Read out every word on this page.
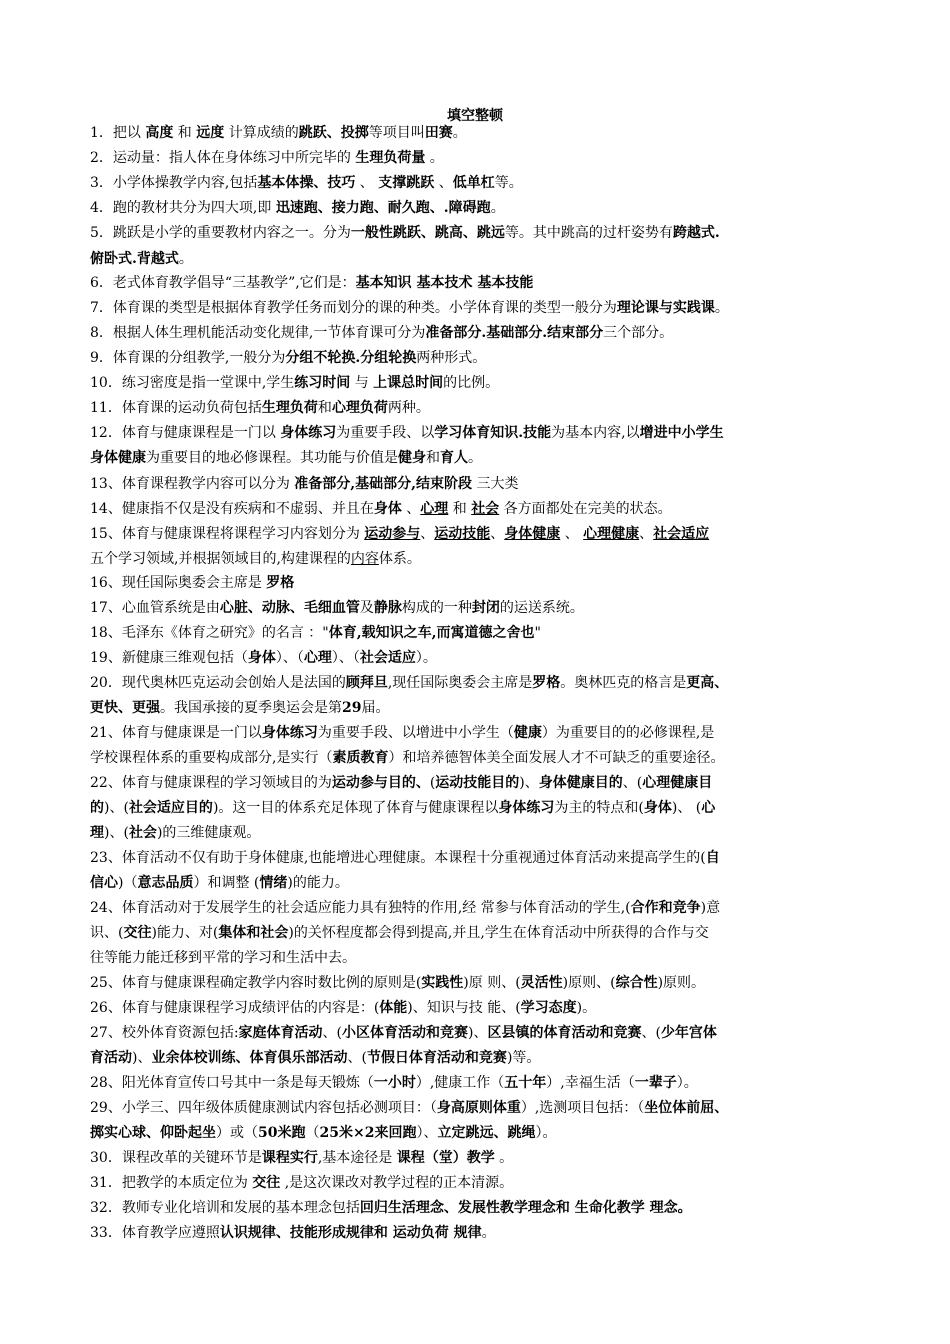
填空整顿
1．把以 高度 和 远度 计算成绩的跳跃、投掷等项目叫田赛。
2．运动量：指人体在身体练习中所完毕的 生理负荷量 。
3．小学体操教学内容,包括基本体操、技巧 、 支撑跳跃 、低单杠等。
4．跑的教材共分为四大项,即 迅速跑、接力跑、耐久跑、.障碍跑。
5．跳跃是小学的重要教材内容之一。分为一般性跳跃、跳高、跳远等。其中跳高的过杆姿势有跨越式.
俯卧式.背越式。
6．老式体育教学倡导“三基教学”,它们是：基本知识 基本技术 基本技能
7．体育课的类型是根据体育教学任务而划分的课的种类。小学体育课的类型一般分为理论课与实践课。
8．根据人体生理机能活动变化规律,一节体育课可分为准备部分.基础部分.结束部分三个部分。
9．体育课的分组教学,一般分为分组不轮换.分组轮换两种形式。
10．练习密度是指一堂课中,学生练习时间 与 上课总时间的比例。
11．体育课的运动负荷包括生理负荷和心理负荷两种。
12．体育与健康课程是一门以 身体练习为重要手段、以学习体育知识.技能为基本内容,以增进中小学生
身体健康为重要目的地必修课程。其功能与价值是健身和育人。
13、体育课程教学内容可以分为 准备部分,基础部分,结束阶段 三大类
14、健康指不仅是没有疾病和不虚弱、并且在身体 、心理 和 社会 各方面都处在完美的状态。
15、体育与健康课程将课程学习内容划分为 运动参与、运动技能、身体健康 、 心理健康、社会适应
五个学习领域,并根据领域目的,构建课程的内容体系。
16、现任国际奥委会主席是 罗格
17、心血管系统是由心脏、动脉、毛细血管及静脉构成的一种封闭的运送系统。
18、毛泽东《体育之研究》的名言 ："体育,载知识之车,而寓道德之舍也"
19、新健康三维观包括（身体）、（心理）、（社会适应）。
20．现代奥林匹克运动会创始人是法国的顾拜旦,现任国际奥委会主席是罗格。奥林匹克的格言是更高、
更快、更强。我国承接的夏季奥运会是第29届。
21、体育与健康课是一门以身体练习为重要手段、以增进中小学生（健康）为重要目的的必修课程,是
学校课程体系的重要构成部分,是实行（素质教育）和培养德智体美全面发展人才不可缺乏的重要途径。
22、体育与健康课程的学习领域目的为运动参与目的、(运动技能目的)、身体健康目的、(心理健康目
的)、(社会适应目的)。这一目的体系充足体现了体育与健康课程以身体练习为主的特点和(身体)、 (心
理)、(社会)的三维健康观。
23、体育活动不仅有助于身体健康,也能增进心理健康。本课程十分重视通过体育活动来提高学生的(自
信心)（意志品质）和调整 (情绪)的能力。
24、体育活动对于发展学生的社会适应能力具有独特的作用,经 常参与体育活动的学生,(合作和竞争)意
识、(交往)能力、对(集体和社会)的关怀程度都会得到提高,并且,学生在体育活动中所获得的合作与交
往等能力能迁移到平常的学习和生活中去。
25、体育与健康课程确定教学内容时数比例的原则是(实践性)原 则、(灵活性)原则、(综合性)原则。
26、体育与健康课程学习成绩评估的内容是：(体能)、知识与技 能、(学习态度)。
27、校外体育资源包括:家庭体育活动、(小区体育活动和竞赛)、区县镇的体育活动和竞赛、(少年宫体
育活动)、业余体校训练、体育俱乐部活动、(节假日体育活动和竞赛)等。
28、阳光体育宣传口号其中一条是每天锻炼（一小时）,健康工作（五十年）,幸福生活（一辈子）。
29、小学三、四年级体质健康测试内容包括必测项目：（身高原则体重）,选测项目包括：（坐位体前屈、
掷实心球、仰卧起坐）或（50米跑（25米×2来回跑）、立定跳远、跳绳）。
30．课程改革的关键环节是课程实行,基本途径是 课程（堂）教学 。
31．把教学的本质定位为 交往 ,是这次课改对教学过程的正本清源。
32．教师专业化培训和发展的基本理念包括回归生活理念、发展性教学理念和 生命化教学 理念。
33．体育教学应遵照认识规律、技能形成规律和 运动负荷 规律。
